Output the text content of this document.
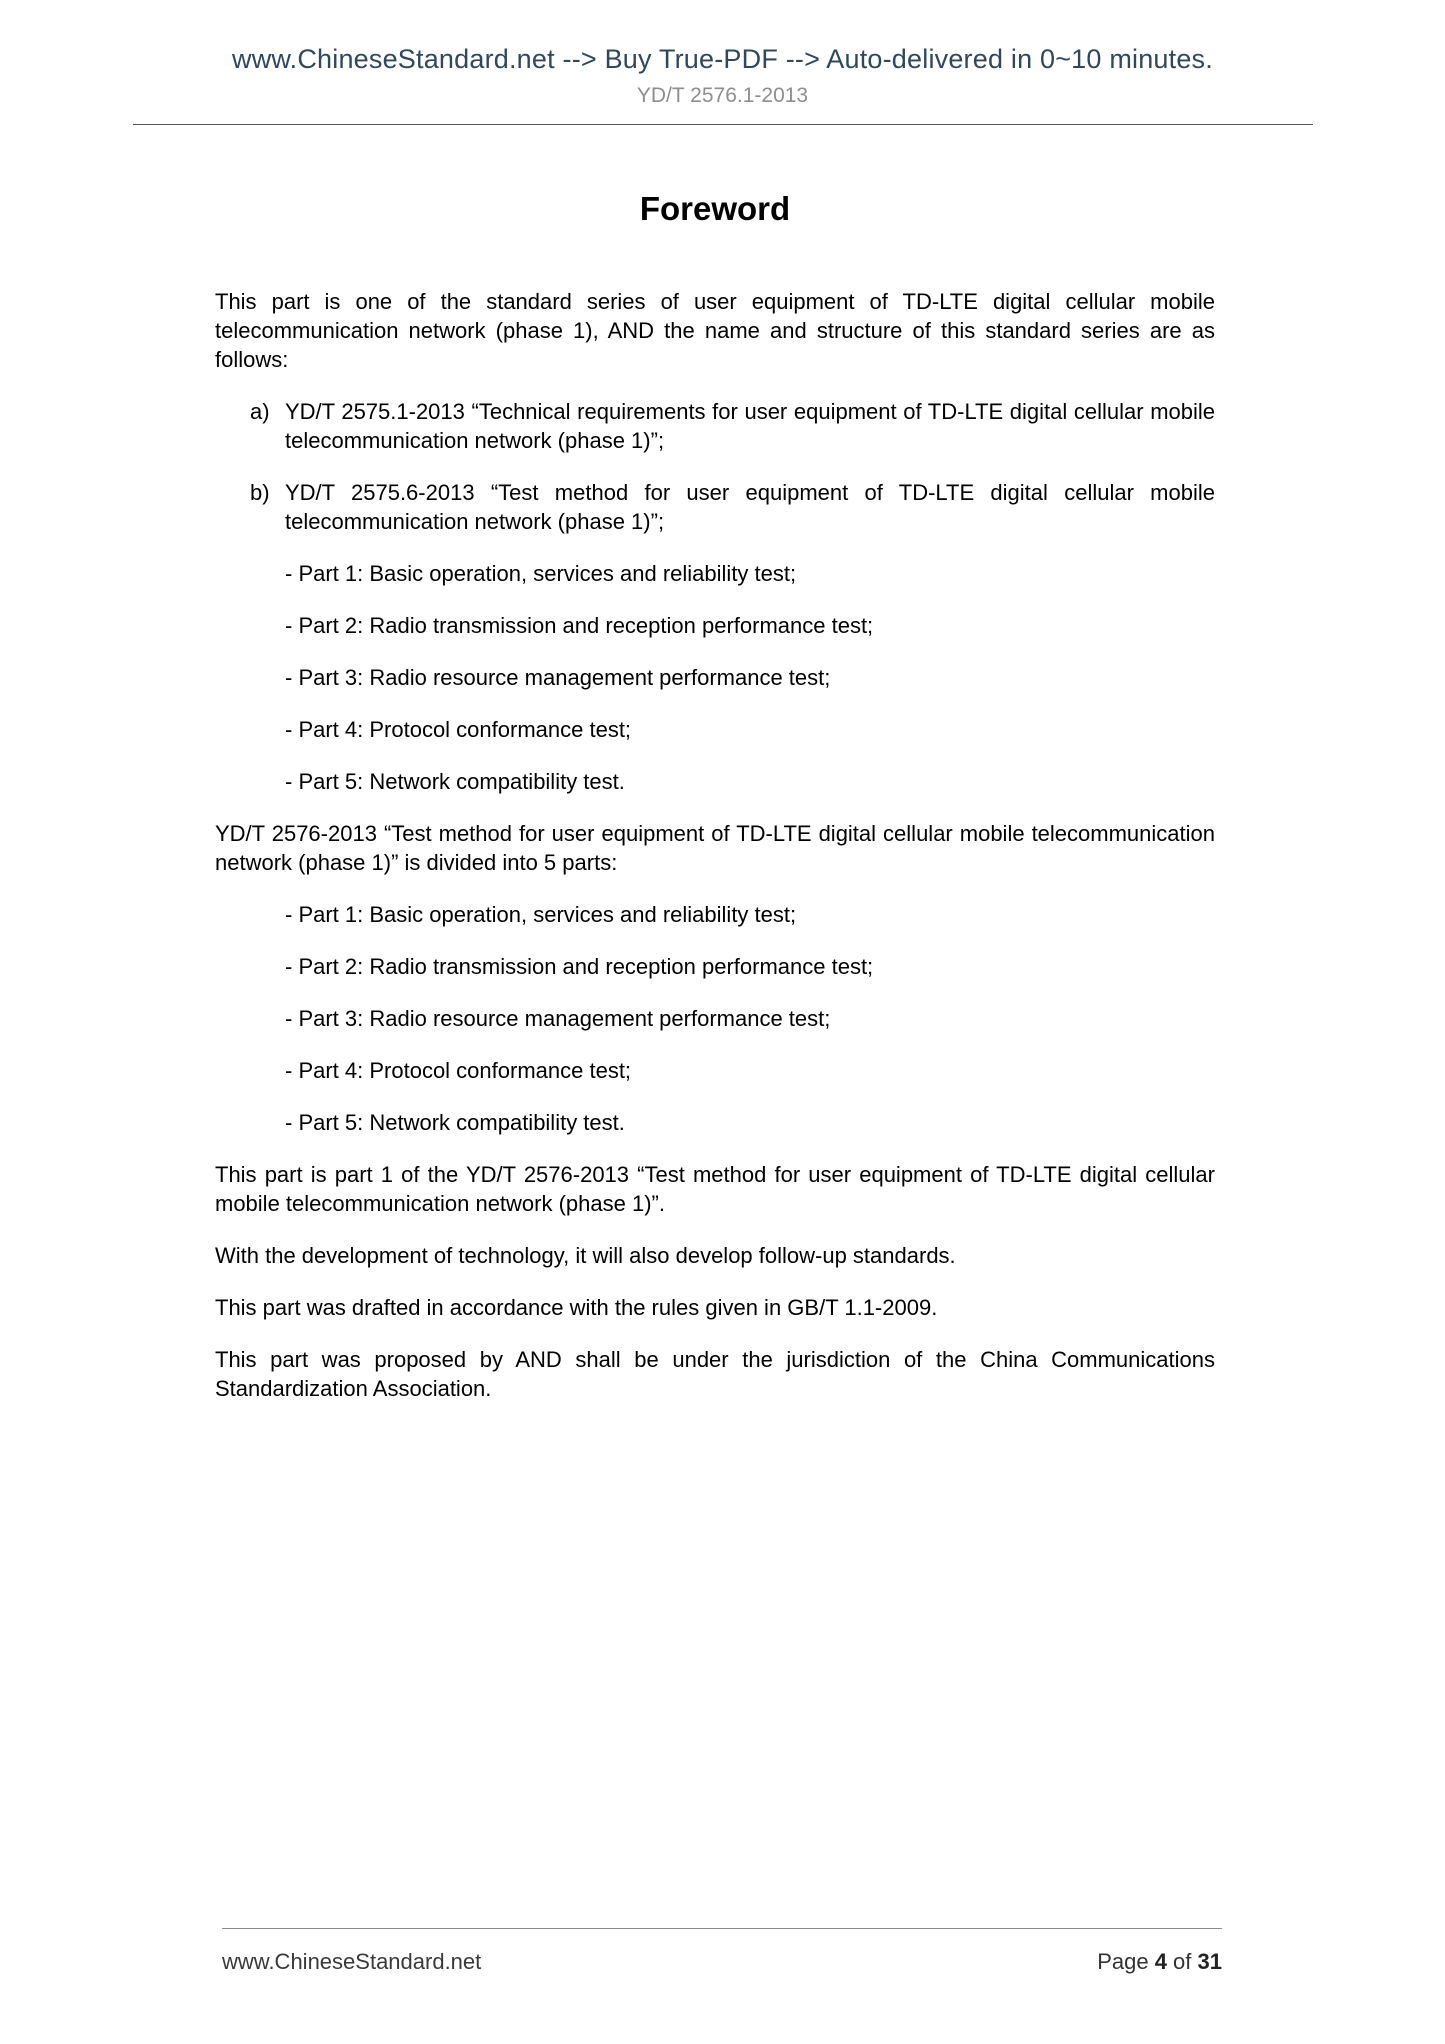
www.ChineseStandard.net --> Buy True-PDF --> Auto-delivered in 0~10 minutes.
YD/T 2576.1-2013
Foreword

This part is one of the standard series of user equipment of TD-LTE digital cellular mobile telecommunication network (phase 1), AND the name and structure of this standard series are as follows:

a) YD/T 2575.1-2013 “Technical requirements for user equipment of TD-LTE digital cellular mobile telecommunication network (phase 1)”;
b) YD/T 2575.6-2013 “Test method for user equipment of TD-LTE digital cellular mobile telecommunication network (phase 1)”;

- Part 1: Basic operation, services and reliability test;

- Part 2: Radio transmission and reception performance test;

- Part 3: Radio resource management performance test;

- Part 4: Protocol conformance test;

- Part 5: Network compatibility test.

YD/T 2576-2013 “Test method for user equipment of TD-LTE digital cellular mobile telecommunication network (phase 1)” is divided into 5 parts:

- Part 1: Basic operation, services and reliability test;

- Part 2: Radio transmission and reception performance test;

- Part 3: Radio resource management performance test;

- Part 4: Protocol conformance test;

- Part 5: Network compatibility test.

This part is part 1 of the YD/T 2576-2013 “Test method for user equipment of TD-LTE digital cellular mobile telecommunication network (phase 1)”.

With the development of technology, it will also develop follow-up standards.

This part was drafted in accordance with the rules given in GB/T 1.1-2009.

This part was proposed by AND shall be under the jurisdiction of the China Communications Standardization Association.

www.ChineseStandard.net	Page 4 of 31
